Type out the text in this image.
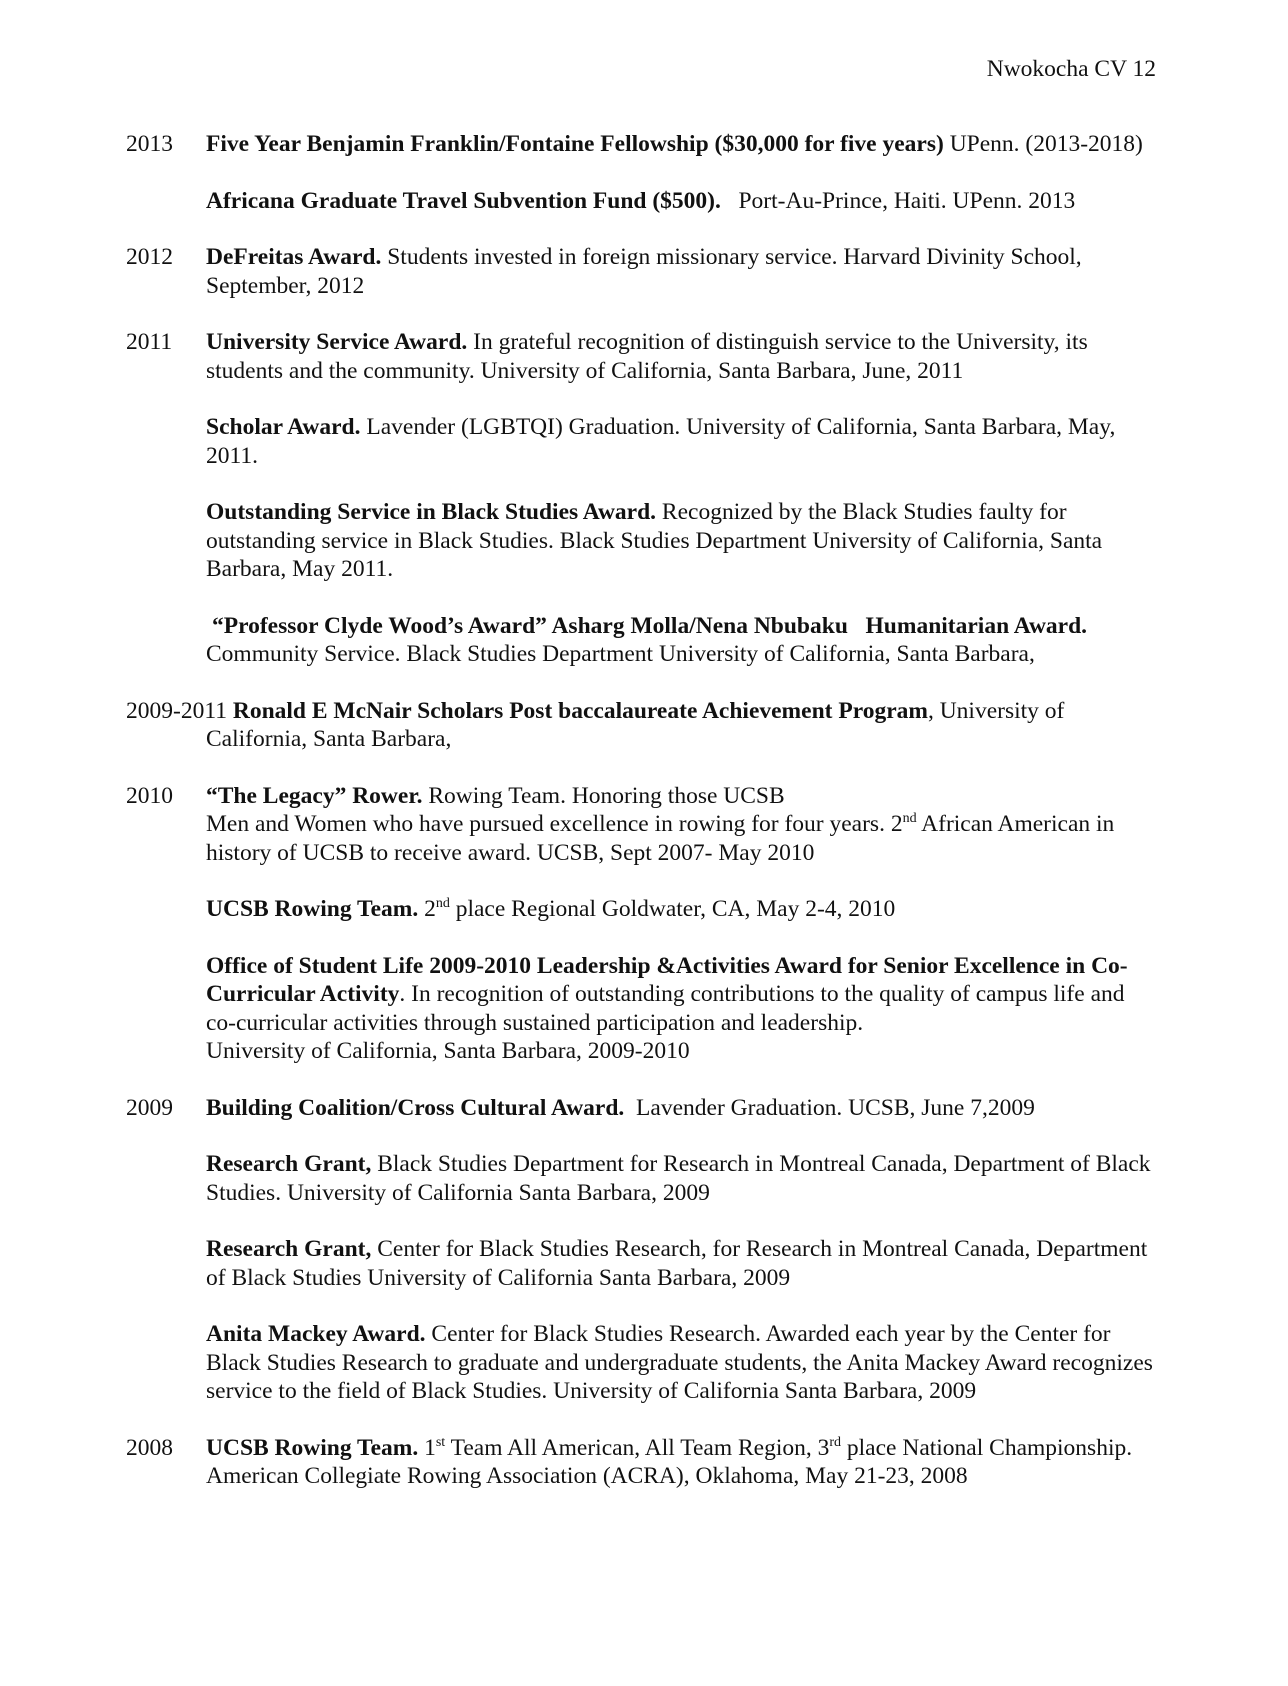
Nwokocha CV 12
2013 Five Year Benjamin Franklin/Fontaine Fellowship ($30,000 for five years) UPenn. (2013-2018)
Africana Graduate Travel Subvention Fund ($500).   Port-Au-Prince, Haiti. UPenn. 2013
2012 DeFreitas Award. Students invested in foreign missionary service. Harvard Divinity School, September, 2012
2011 University Service Award. In grateful recognition of distinguish service to the University, its students and the community. University of California, Santa Barbara, June, 2011
Scholar Award. Lavender (LGBTQI) Graduation. University of California, Santa Barbara, May, 2011.
Outstanding Service in Black Studies Award. Recognized by the Black Studies faulty for outstanding service in Black Studies. Black Studies Department University of California, Santa Barbara, May 2011.
“Professor Clyde Wood’s Award” Asharg Molla/Nena Nbubaku   Humanitarian Award.
Community Service. Black Studies Department University of California, Santa Barbara,
2009-2011 Ronald E McNair Scholars Post baccalaureate Achievement Program, University of California, Santa Barbara,
2010 “The Legacy” Rower. Rowing Team. Honoring those UCSB
Men and Women who have pursued excellence in rowing for four years. 2nd African American in history of UCSB to receive award. UCSB, Sept 2007- May 2010
UCSB Rowing Team. 2nd place Regional Goldwater, CA, May 2-4, 2010
Office of Student Life 2009-2010 Leadership &Activities Award for Senior Excellence in Co-Curricular Activity. In recognition of outstanding contributions to the quality of campus life and co-curricular activities through sustained participation and leadership.
University of California, Santa Barbara, 2009-2010
2009 Building Coalition/Cross Cultural Award.  Lavender Graduation. UCSB, June 7,2009
Research Grant, Black Studies Department for Research in Montreal Canada, Department of Black Studies. University of California Santa Barbara, 2009
Research Grant, Center for Black Studies Research, for Research in Montreal Canada, Department of Black Studies University of California Santa Barbara, 2009
Anita Mackey Award. Center for Black Studies Research. Awarded each year by the Center for Black Studies Research to graduate and undergraduate students, the Anita Mackey Award recognizes service to the field of Black Studies. University of California Santa Barbara, 2009
2008 UCSB Rowing Team. 1st Team All American, All Team Region, 3rd place National Championship. American Collegiate Rowing Association (ACRA), Oklahoma, May 21-23, 2008
